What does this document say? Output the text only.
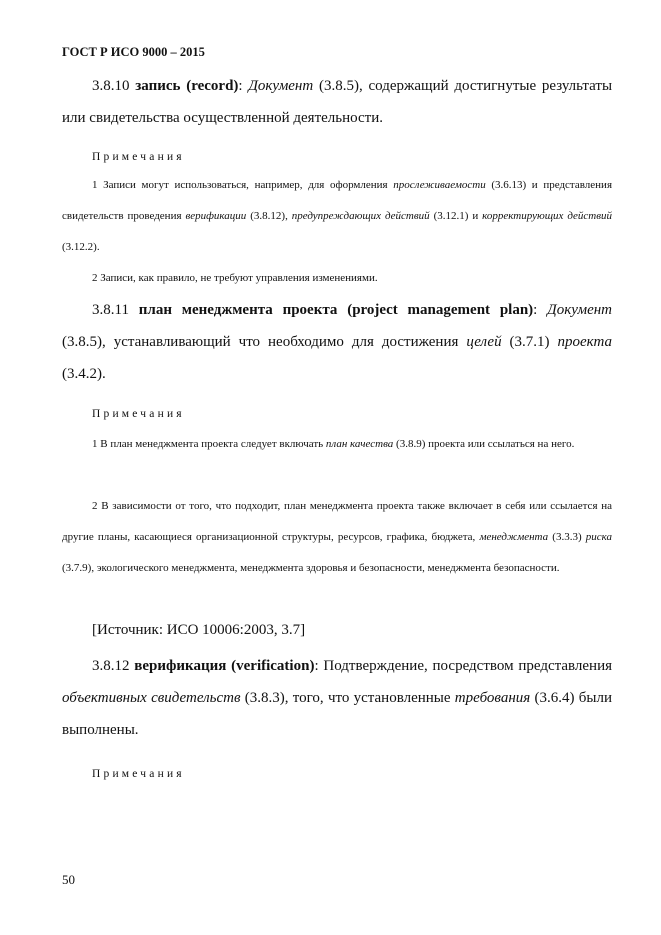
ГОСТ Р ИСО 9000 – 2015
3.8.10 запись (record): Документ (3.8.5), содержащий достигнутые результаты или свидетельства осуществленной деятельности.
Примечания
1 Записи могут использоваться, например, для оформления прослеживаемости (3.6.13) и представления свидетельств проведения верификации (3.8.12), предупреждающих действий (3.12.1) и корректирующих действий (3.12.2).
2 Записи, как правило, не требуют управления изменениями.
3.8.11 план менеджмента проекта (project management plan): Документ (3.8.5), устанавливающий что необходимо для достижения целей (3.7.1) проекта (3.4.2).
Примечания
1 В план менеджмента проекта следует включать план качества (3.8.9) проекта или ссылаться на него.
2 В зависимости от того, что подходит, план менеджмента проекта также включает в себя или ссылается на другие планы, касающиеся организационной структуры, ресурсов, графика, бюджета, менеджмента (3.3.3) риска (3.7.9), экологического менеджмента, менеджмента здоровья и безопасности, менеджмента безопасности.
[Источник: ИСО 10006:2003, 3.7]
3.8.12 верификация (verification): Подтверждение, посредством представления объективных свидетельств (3.8.3), того, что установленные требования (3.6.4) были выполнены.
Примечания
50
